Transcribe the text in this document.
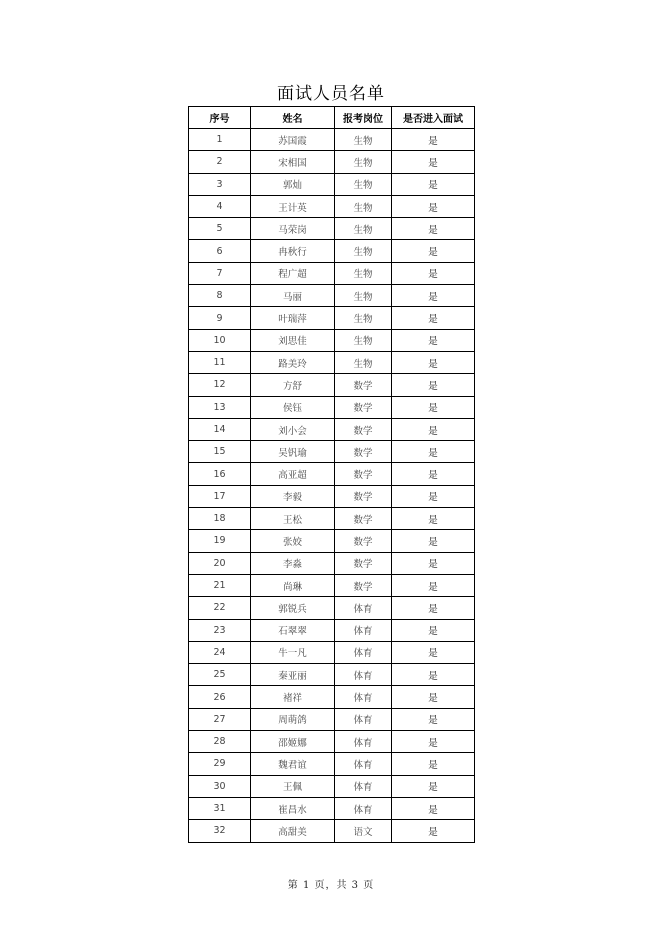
面试人员名单
序号	姓名	报考岗位	是否进入面试
1	苏国霞	生物	是
2	宋相国	生物	是
3	郭灿	生物	是
4	王计英	生物	是
5	马荣岗	生物	是
6	冉秋行	生物	是
7	程广超	生物	是
8	马丽	生物	是
9	叶瑞萍	生物	是
10	刘思佳	生物	是
11	路美玲	生物	是
12	方舒	数学	是
13	侯钰	数学	是
14	刘小会	数学	是
15	吴钒瑜	数学	是
16	高亚超	数学	是
17	李毅	数学	是
18	王松	数学	是
19	张姣	数学	是
20	李淼	数学	是
21	尚琳	数学	是
22	郭锐兵	体育	是
23	石翠翠	体育	是
24	牛一凡	体育	是
25	秦亚丽	体育	是
26	褚祥	体育	是
27	周萌鸽	体育	是
28	邵姬娜	体育	是
29	魏君谊	体育	是
30	王佩	体育	是
31	崔昌水	体育	是
32	高甜美	语文	是
第 1 页，共 3 页
